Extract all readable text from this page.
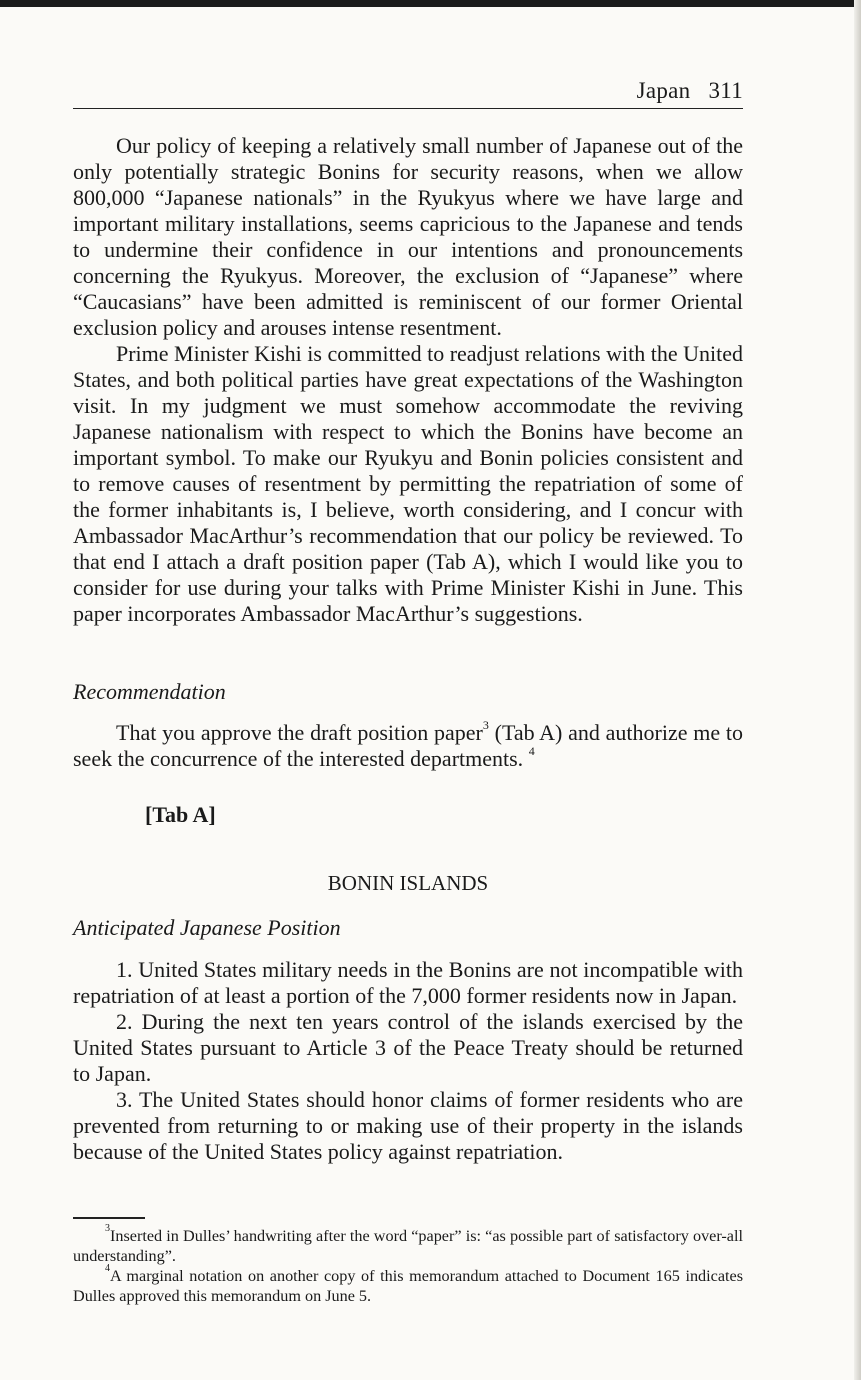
Japan 311

Our policy of keeping a relatively small number of Japanese out of the only potentially strategic Bonins for security reasons, when we allow 800,000 “Japanese nationals” in the Ryukyus where we have large and important military installations, seems capricious to the Japanese and tends to undermine their confidence in our intentions and pronouncements concerning the Ryukyus. Moreover, the exclusion of “Japanese” where “Caucasians” have been admitted is reminiscent of our former Oriental exclusion policy and arouses intense resentment.

Prime Minister Kishi is committed to readjust relations with the United States, and both political parties have great expectations of the Washington visit. In my judgment we must somehow accommodate the reviving Japanese nationalism with respect to which the Bonins have become an important symbol. To make our Ryukyu and Bonin policies consistent and to remove causes of resentment by permitting the repatriation of some of the former inhabitants is, I believe, worth considering, and I concur with Ambassador MacArthur’s recommendation that our policy be reviewed. To that end I attach a draft position paper (Tab A), which I would like you to consider for use during your talks with Prime Minister Kishi in June. This paper incorporates Ambassador MacArthur’s suggestions.

Recommendation

That you approve the draft position paper$^3$ (Tab A) and authorize me to seek the concurrence of the interested departments. $^4$

[Tab A]
BONIN ISLANDS
Anticipated Japanese Position

1. United States military needs in the Bonins are not incompatible with repatriation of at least a portion of the 7,000 former residents now in Japan.

2. During the next ten years control of the islands exercised by the United States pursuant to Article 3 of the Peace Treaty should be returned to Japan.

3. The United States should honor claims of former residents who are prevented from returning to or making use of their property in the islands because of the United States policy against repatriation.

$^3$Inserted in Dulles’ handwriting after the word “paper” is: “as possible part of satisfactory over-all understanding”.

$^4$A marginal notation on another copy of this memorandum attached to Document 165 indicates Dulles approved this memorandum on June 5.
